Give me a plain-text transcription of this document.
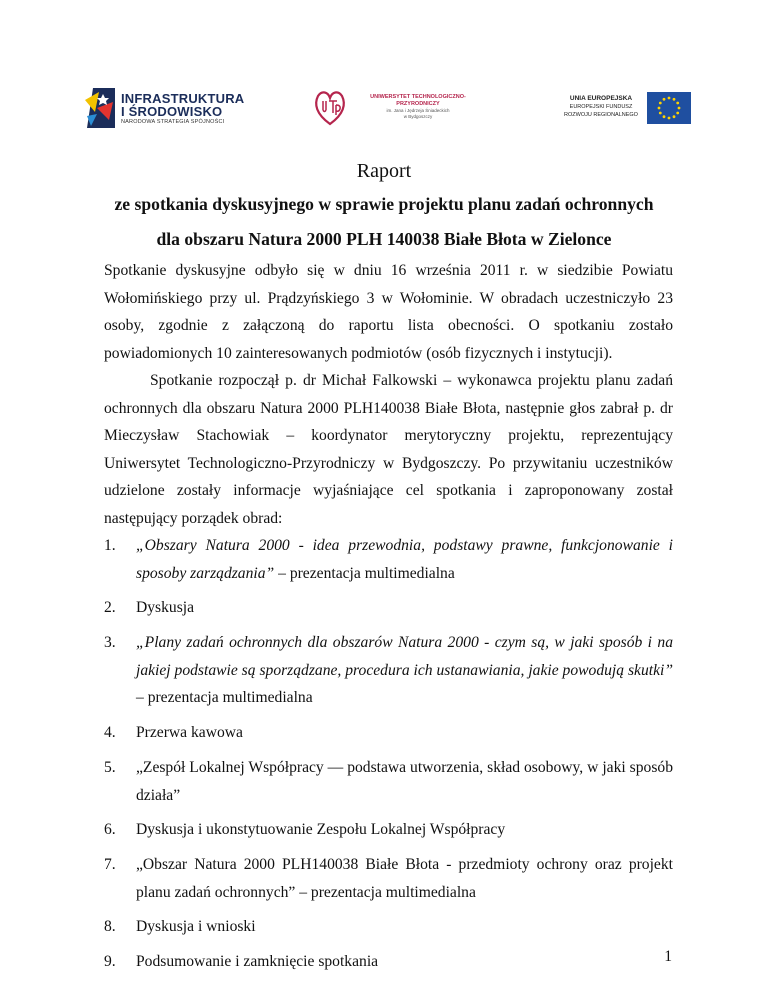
INFRASTRUKTURA
I ŚRODOWISKO
NARODOWA STRATEGIA SPÓJNOŚCI
UNIWERSYTET TECHNOLOGICZNO-PRZYRODNICZY
im. Jana i Jędrzeja Śniadeckich
w Bydgoszczy
UNIA EUROPEJSKA
EUROPEJSKI FUNDUSZ
ROZWOJU REGIONALNEGO
Raport
ze spotkania dyskusyjnego w sprawie projektu planu zadań ochronnych
dla obszaru Natura 2000 PLH 140038 Białe Błota w Zielonce

Spotkanie dyskusyjne odbyło się w dniu 16 września 2011 r. w siedzibie Powiatu Wołomińskiego przy ul. Prądzyńskiego 3 w Wołominie. W obradach uczestniczyło 23 osoby, zgodnie z załączoną do raportu lista obecności. O spotkaniu zostało powiadomionych 10 zainteresowanych podmiotów (osób fizycznych i instytucji).

Spotkanie rozpoczął p. dr Michał Falkowski – wykonawca projektu planu zadań ochronnych dla obszaru Natura 2000 PLH140038 Białe Błota, następnie głos zabrał p. dr Mieczysław Stachowiak – koordynator merytoryczny projektu, reprezentujący Uniwersytet Technologiczno-Przyrodniczy w Bydgoszczy. Po przywitaniu uczestników udzielone zostały informacje wyjaśniające cel spotkania i zaproponowany został następujący porządek obrad:

1.	„Obszary Natura 2000 - idea przewodnia, podstawy prawne, funkcjonowanie i sposoby zarządzania” – prezentacja multimedialna
2.	Dyskusja
3.	„Plany zadań ochronnych dla obszarów Natura 2000 - czym są, w jaki sposób i na jakiej podstawie są sporządzane, procedura ich ustanawiania, jakie powodują skutki” – prezentacja multimedialna
4.	Przerwa kawowa
5.	„Zespół Lokalnej Współpracy — podstawa utworzenia, skład osobowy, w jaki sposób działa”
6.	Dyskusja i ukonstytuowanie Zespołu Lokalnej Współpracy
7.	„Obszar Natura 2000 PLH140038 Białe Błota - przedmioty ochrony oraz projekt planu zadań ochronnych” – prezentacja multimedialna
8.	Dyskusja i wnioski
9.	Podsumowanie i zamknięcie spotkania	1
